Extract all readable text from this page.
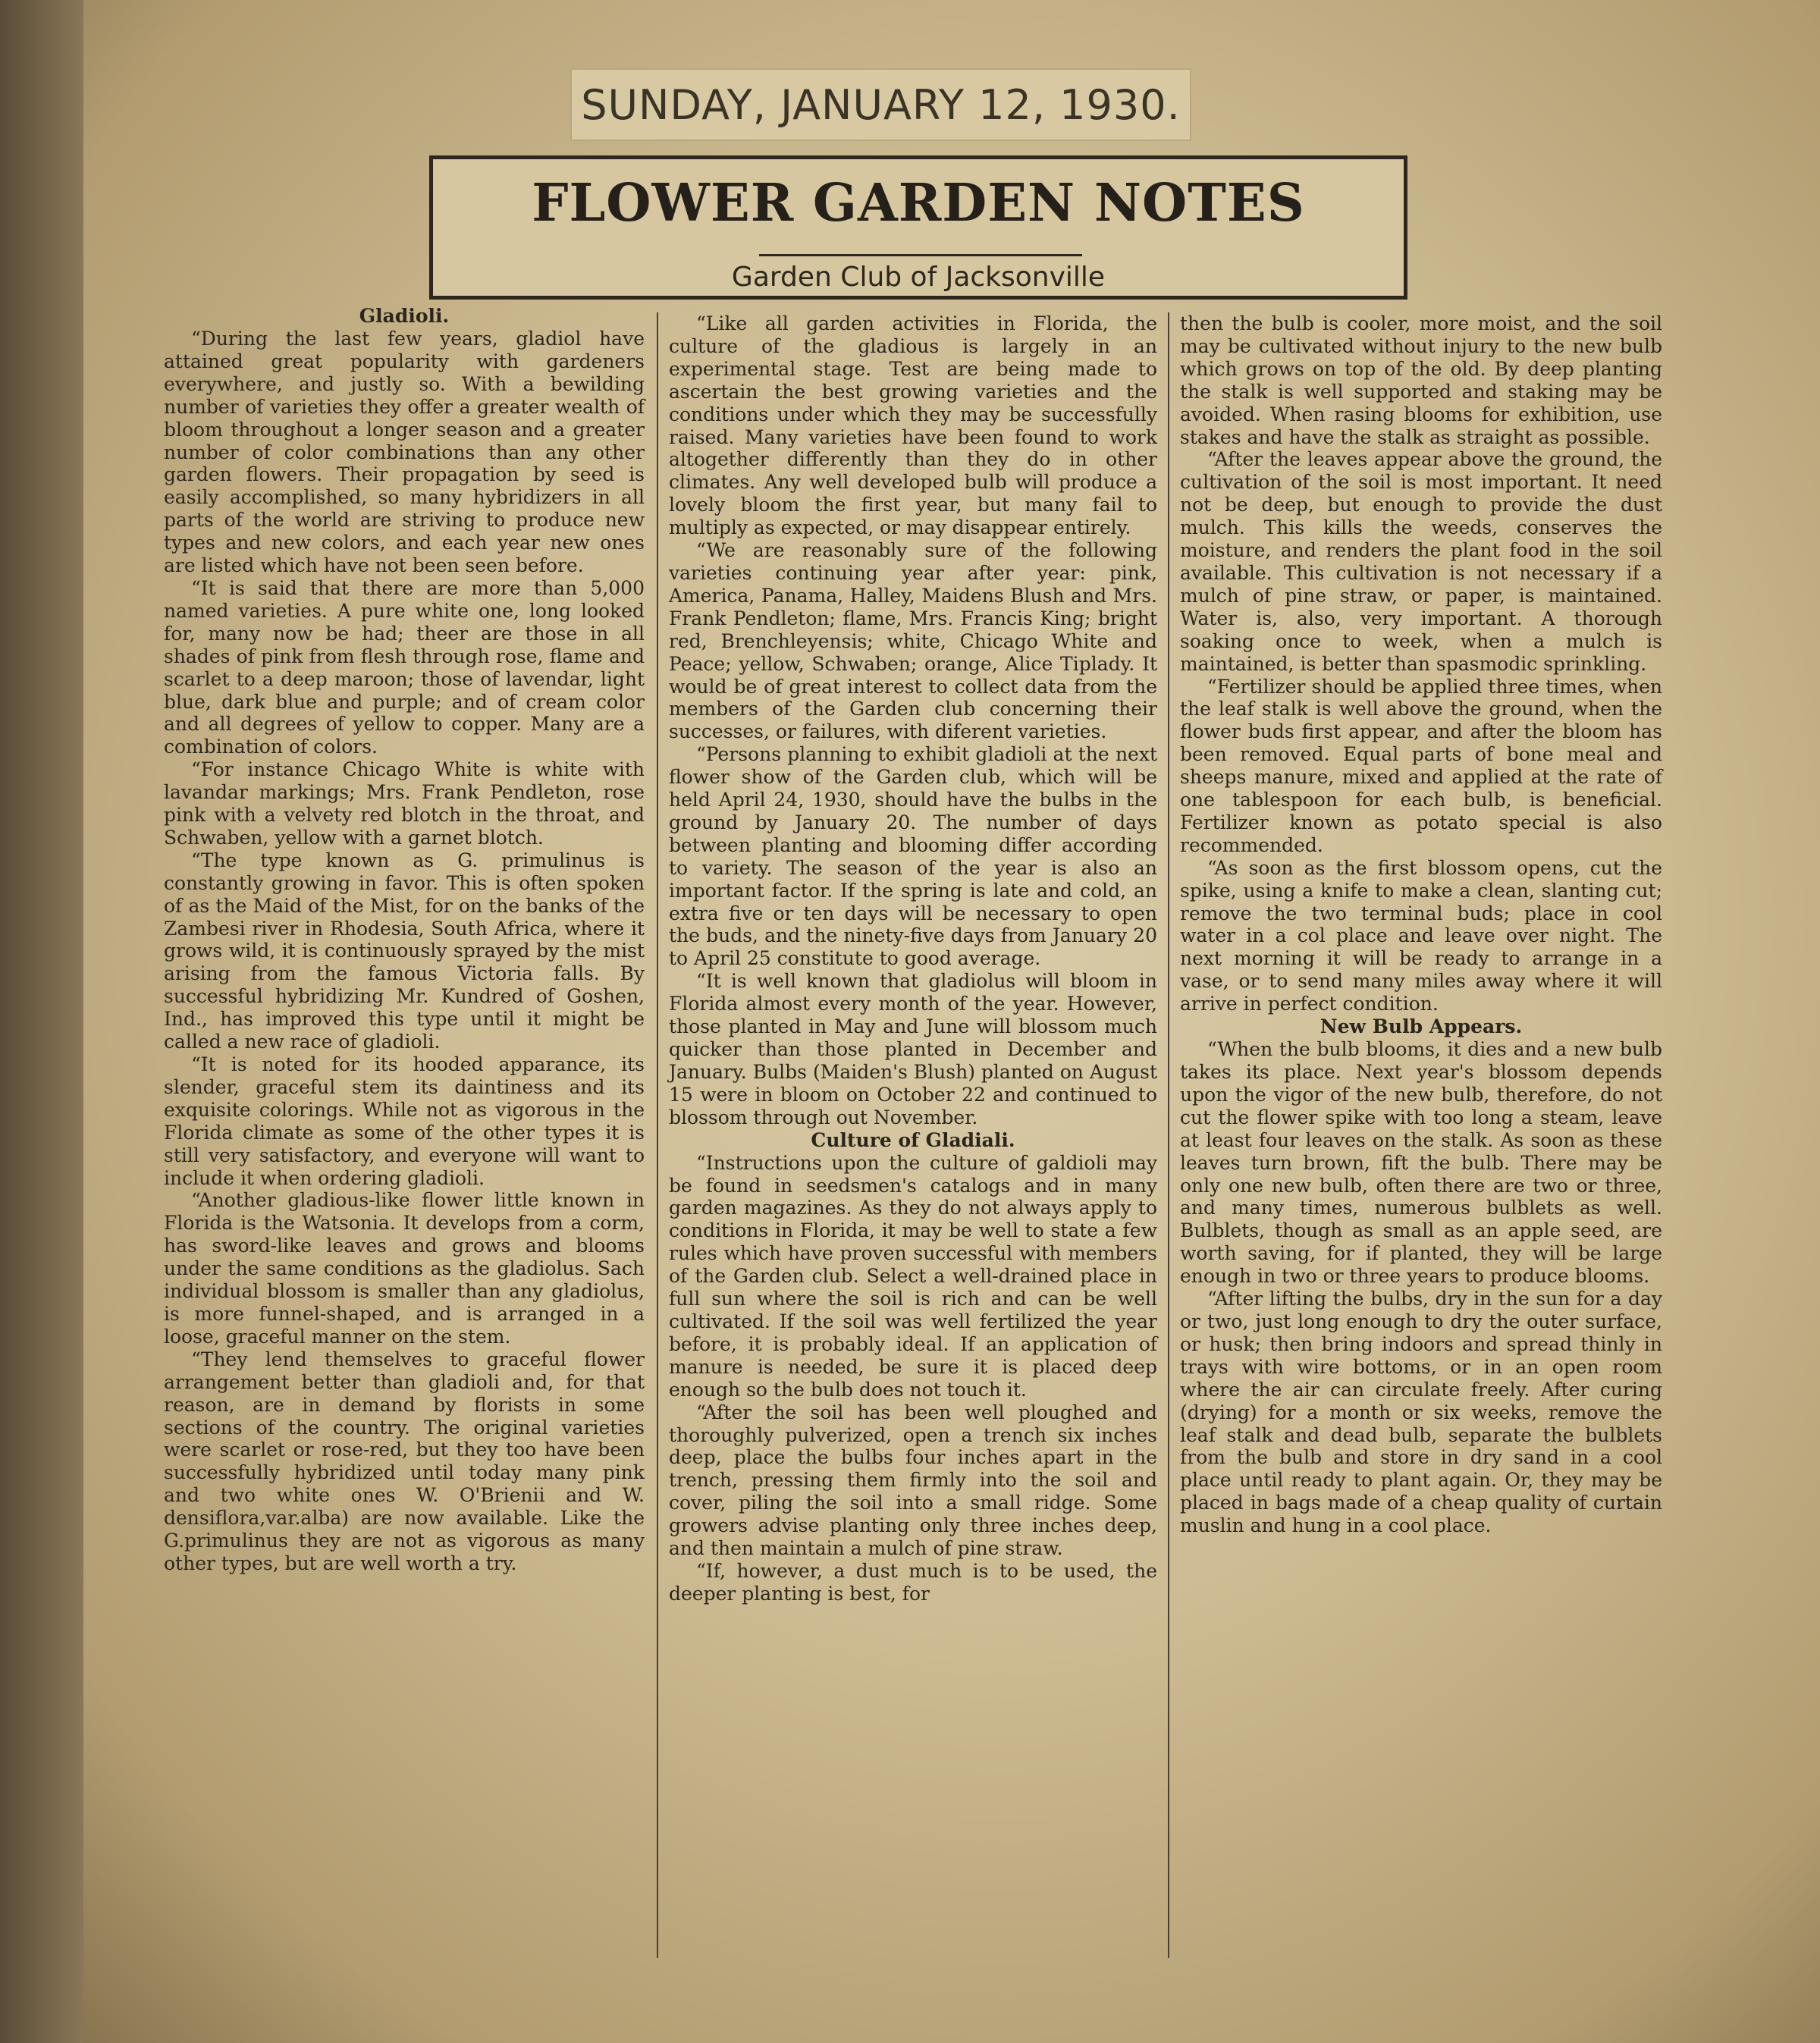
SUNDAY, JANUARY 12, 1930.
FLOWER GARDEN NOTES
Garden Club of Jacksonville
Gladioli.

“During the last few years, gladiol have attained great popularity with gardeners everywhere, and justly so. With a bewilding number of varieties they offer a greater wealth of bloom throughout a longer season and a greater number of color combinations than any other garden flowers. Their propagation by seed is easily accomplished, so many hybridizers in all parts of the world are striving to produce new types and new colors, and each year new ones are listed which have not been seen before.

“It is said that there are more than 5,000 named varieties. A pure white one, long looked for, many now be had; theer are those in all shades of pink from flesh through rose, flame and scarlet to a deep maroon; those of lavendar, light blue, dark blue and purple; and of cream color and all degrees of yellow to copper. Many are a combination of colors.

“For instance Chicago White is white with lavandar markings; Mrs. Frank Pendleton, rose pink with a velvety red blotch in the throat, and Schwaben, yellow with a garnet blotch.

“The type known as G. primulinus is constantly growing in favor. This is often spoken of as the Maid of the Mist, for on the banks of the Zambesi river in Rhodesia, South Africa, where it grows wild, it is continuously sprayed by the mist arising from the famous Victoria falls. By successful hybridizing Mr. Kundred of Goshen, Ind., has improved this type until it might be called a new race of gladioli.

“It is noted for its hooded apparance, its slender, graceful stem its daintiness and its exquisite colorings. While not as vigorous in the Florida climate as some of the other types it is still very satisfactory, and everyone will want to include it when ordering gladioli.

“Another gladious-like flower little known in Florida is the Watsonia. It develops from a corm, has sword-like leaves and grows and blooms under the same conditions as the gladiolus. Sach individual blossom is smaller than any gladiolus, is more funnel-shaped, and is arranged in a loose, graceful manner on the stem.

“They lend themselves to graceful flower arrangement better than gladioli and, for that reason, are in demand by florists in some sections of the country. The original varieties were scarlet or rose-red, but they too have been successfully hybridized until today many pink and two white ones W. O'Brienii and W. densiflora,var.alba) are now available. Like the G.primulinus they are not as vigorous as many other types, but are well worth a try.

“Like all garden activities in Florida, the culture of the gladious is largely in an experimental stage. Test are being made to ascertain the best growing varieties and the conditions under which they may be successfully raised. Many varieties have been found to work altogether differently than they do in other climates. Any well developed bulb will produce a lovely bloom the first year, but many fail to multiply as expected, or may disappear entirely.

“We are reasonably sure of the following varieties continuing year after year: pink, America, Panama, Halley, Maidens Blush and Mrs. Frank Pendleton; flame, Mrs. Francis King; bright red, Brenchleyensis; white, Chicago White and Peace; yellow, Schwaben; orange, Alice Tiplady. It would be of great interest to collect data from the members of the Garden club concerning their successes, or failures, with diferent varieties.

“Persons planning to exhibit gladioli at the next flower show of the Garden club, which will be held April 24, 1930, should have the bulbs in the ground by January 20. The number of days between planting and blooming differ according to variety. The season of the year is also an important factor. If the spring is late and cold, an extra five or ten days will be necessary to open the buds, and the ninety-five days from January 20 to April 25 constitute to good average.

“It is well known that gladiolus will bloom in Florida almost every month of the year. However, those planted in May and June will blossom much quicker than those planted in December and January. Bulbs (Maiden's Blush) planted on August 15 were in bloom on October 22 and continued to blossom through out November.

Culture of Gladiali.

“Instructions upon the culture of galdioli may be found in seedsmen's catalogs and in many garden magazines. As they do not always apply to conditions in Florida, it may be well to state a few rules which have proven successful with members of the Garden club. Select a well-drained place in full sun where the soil is rich and can be well cultivated. If the soil was well fertilized the year before, it is probably ideal. If an application of manure is needed, be sure it is placed deep enough so the bulb does not touch it.

“After the soil has been well ploughed and thoroughly pulverized, open a trench six inches deep, place the bulbs four inches apart in the trench, pressing them firmly into the soil and cover, piling the soil into a small ridge. Some growers advise planting only three inches deep, and then maintain a mulch of pine straw.

“If, however, a dust much is to be used, the deeper planting is best, for

then the bulb is cooler, more moist, and the soil may be cultivated without injury to the new bulb which grows on top of the old. By deep planting the stalk is well supported and staking may be avoided. When rasing blooms for exhibition, use stakes and have the stalk as straight as possible.

“After the leaves appear above the ground, the cultivation of the soil is most important. It need not be deep, but enough to provide the dust mulch. This kills the weeds, conserves the moisture, and renders the plant food in the soil available. This cultivation is not necessary if a mulch of pine straw, or paper, is maintained. Water is, also, very important. A thorough soaking once to week, when a mulch is maintained, is better than spasmodic sprinkling.

“Fertilizer should be applied three times, when the leaf stalk is well above the ground, when the flower buds first appear, and after the bloom has been removed. Equal parts of bone meal and sheeps manure, mixed and applied at the rate of one tablespoon for each bulb, is beneficial. Fertilizer known as potato special is also recommended.

“As soon as the first blossom opens, cut the spike, using a knife to make a clean, slanting cut; remove the two terminal buds; place in cool water in a col place and leave over night. The next morning it will be ready to arrange in a vase, or to send many miles away where it will arrive in perfect condition.

New Bulb Appears.

“When the bulb blooms, it dies and a new bulb takes its place. Next year's blossom depends upon the vigor of the new bulb, therefore, do not cut the flower spike with too long a steam, leave at least four leaves on the stalk. As soon as these leaves turn brown, fift the bulb. There may be only one new bulb, often there are two or three, and many times, numerous bulblets as well. Bulblets, though as small as an apple seed, are worth saving, for if planted, they will be large enough in two or three years to produce blooms.

“After lifting the bulbs, dry in the sun for a day or two, just long enough to dry the outer surface, or husk; then bring indoors and spread thinly in trays with wire bottoms, or in an open room where the air can circulate freely. After curing (drying) for a month or six weeks, remove the leaf stalk and dead bulb, separate the bulblets from the bulb and store in dry sand in a cool place until ready to plant again. Or, they may be placed in bags made of a cheap quality of curtain muslin and hung in a cool place.
